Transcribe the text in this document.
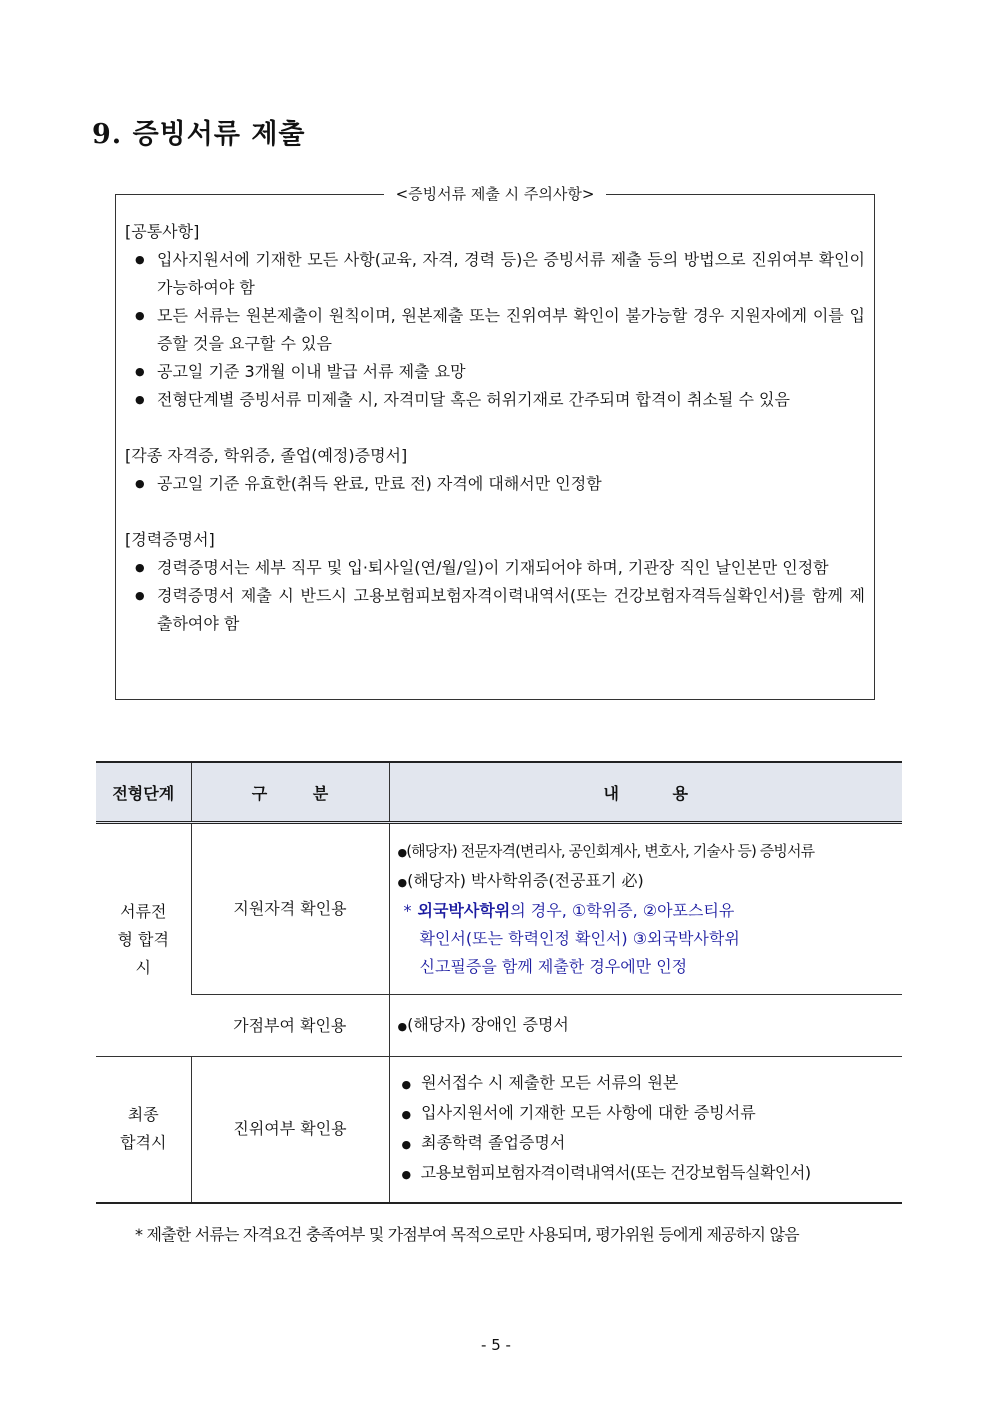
9. 증빙서류 제출
<증빙서류 제출 시 주의사항>
[공통사항]
● 입사지원서에 기재한 모든 사항(교육, 자격, 경력 등)은 증빙서류 제출 등의 방법으로 진위여부 확인이 가능하여야 함
● 모든 서류는 원본제출이 원칙이며, 원본제출 또는 진위여부 확인이 불가능할 경우 지원자에게 이를 입증할 것을 요구할 수 있음
● 공고일 기준 3개월 이내 발급 서류 제출 요망
● 전형단계별 증빙서류 미제출 시, 자격미달 혹은 허위기재로 간주되며 합격이 취소될 수 있음
[각종 자격증, 학위증, 졸업(예정)증명서]
● 공고일 기준 유효한(취득 완료, 만료 전) 자격에 대해서만 인정함
[경력증명서]
● 경력증명서는 세부 직무 및 입·퇴사일(연/월/일)이 기재되어야 하며, 기관장 직인 날인본만 인정함
● 경력증명서 제출 시 반드시 고용보험피보험자격이력내역서(또는 건강보험자격득실확인서)를 함께 제출하여야 함
전형단계	구 분	내 용

서류전형 합격시	지원자격 확인용	●(해당자) 전문자격(변리사, 공인회계사, 변호사, 기술사 등) 증빙서류
●(해당자) 박사학위증(전공표기 必)
* 외국박사학위의 경우, ①학위증, ②아포스티유
확인서(또는 학력인정 확인서) ③외국박사학위
신고필증을 함께 제출한 경우에만 인정

	가점부여 확인용	●(해당자) 장애인 증명서

최종 합격시	진위여부 확인용	● 원서접수 시 제출한 모든 서류의 원본
● 입사지원서에 기재한 모든 사항에 대한 증빙서류
● 최종학력 졸업증명서
● 고용보험피보험자격이력내역서(또는 건강보험득실확인서)
* 제출한 서류는 자격요건 충족여부 및 가점부여 목적으로만 사용되며, 평가위원 등에게 제공하지 않음
- 5 -
